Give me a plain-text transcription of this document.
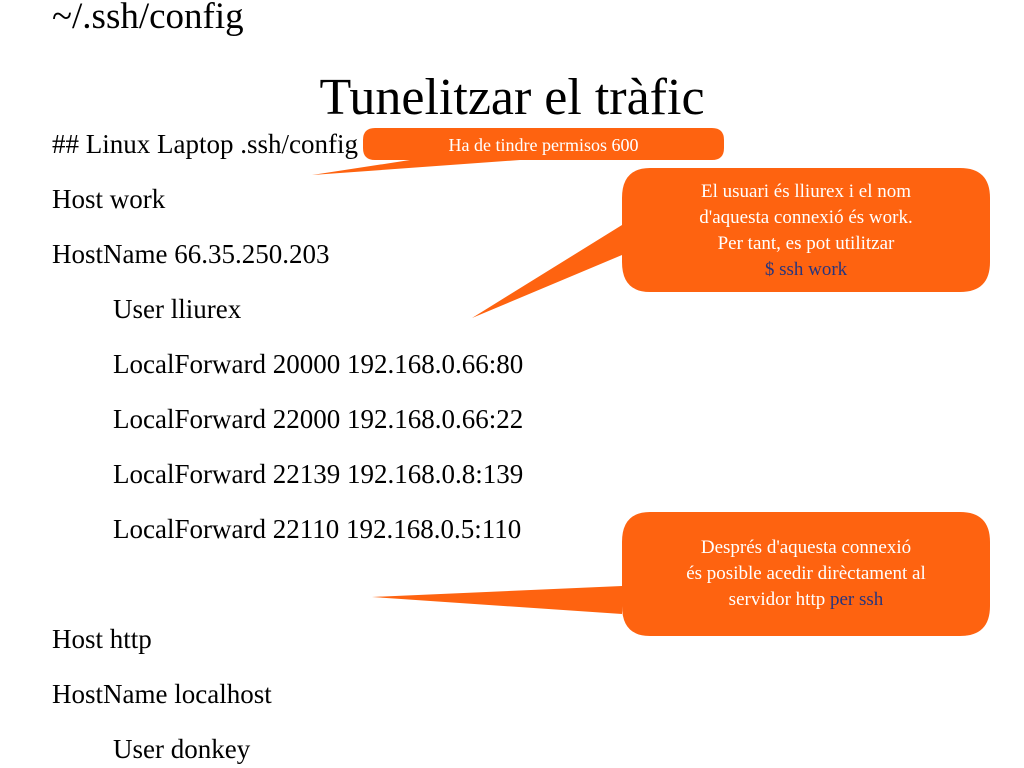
~/.ssh/config
Tunelitzar el tràfic
## Linux Laptop .ssh/config
Host work
HostName 66.35.250.203
User lliurex
LocalForward 20000 192.168.0.66:80
LocalForward 22000 192.168.0.66:22
LocalForward 22139 192.168.0.8:139
LocalForward 22110 192.168.0.5:110
Host http
HostName localhost
User donkey
Ha de tindre permisos 600
El usuari és lliurex i el nom
d'aquesta connexió és work.
Per tant, es pot utilitzar
$ ssh work
Després d'aquesta connexió
és posible acedir dirèctament al
servidor http per ssh
